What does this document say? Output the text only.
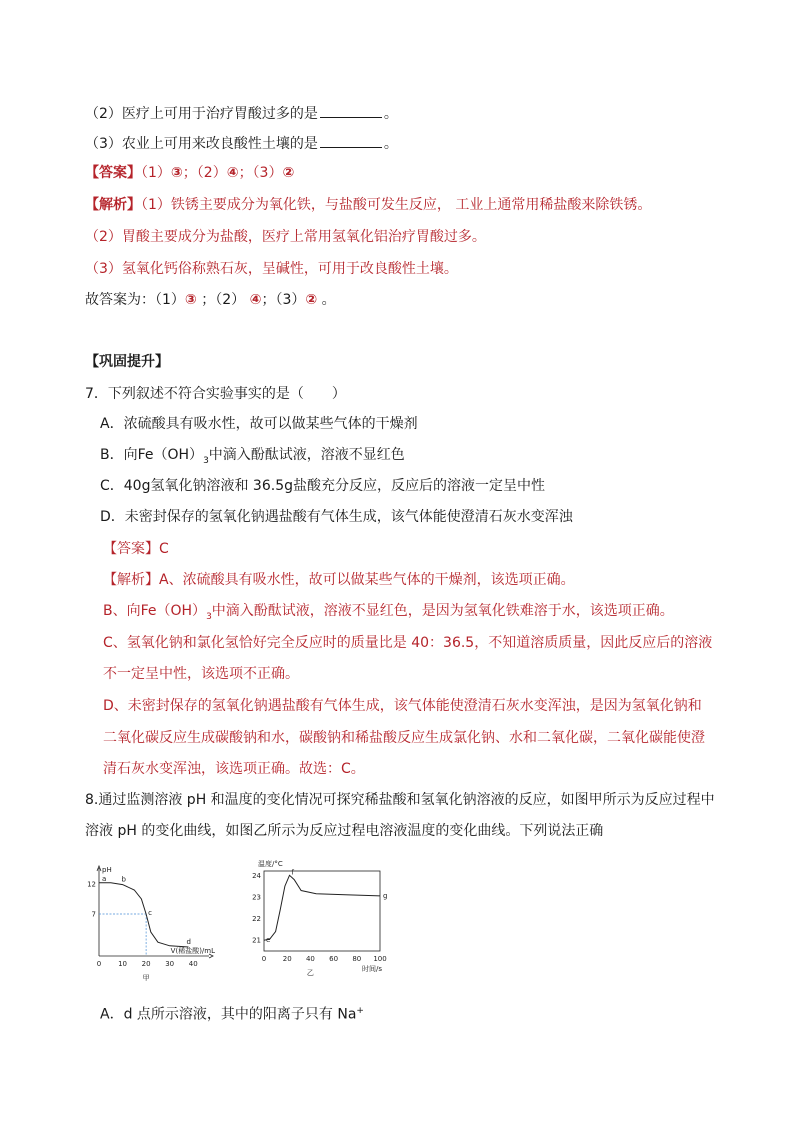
（2）医疗上可用于治疗胃酸过多的是	。
（3）农业上可用来改良酸性土壤的是	。
【答案】（1）③；（2）④；（3）②
【解析】（1）铁锈主要成分为氧化铁，与盐酸可发生反应， 工业上通常用稀盐酸来除铁锈。
（2）胃酸主要成分为盐酸，医疗上常用氢氧化铝治疗胃酸过多。
（3）氢氧化钙俗称熟石灰，呈碱性，可用于改良酸性土壤。
故答案为：（1）③ ；（2） ④；（3）② 。
【巩固提升】
7．下列叙述不符合实验事实的是（　　）
A．浓硫酸具有吸水性，故可以做某些气体的干燥剂
B．向$Fe(OH)_3$中滴入酚酞试液，溶液不显红色
C．40g氢氧化钠溶液和 36.5g盐酸充分反应，反应后的溶液一定呈中性
D．未密封保存的氢氧化钠遇盐酸有气体生成，该气体能使澄清石灰水变浑浊
【答案】C
【解析】A、浓硫酸具有吸水性，故可以做某些气体的干燥剂，该选项正确。
B、向$Fe(OH)_3$中滴入酚酞试液，溶液不显红色，是因为氢氧化铁难溶于水，该选项正确。
C、氢氧化钠和氯化氢恰好完全反应时的质量比是 40：36.5，不知道溶质质量，因此反应后的溶液
不一定呈中性，该选项不正确。
D、未密封保存的氢氧化钠遇盐酸有气体生成，该气体能使澄清石灰水变浑浊，是因为氢氧化钠和
二氧化碳反应生成碳酸钠和水，碳酸钠和稀盐酸反应生成氯化钠、水和二氧化碳，二氧化碳能使澄
清石灰水变浑浊，该选项正确。故选：C。
8.通过监测溶液 pH 和温度的变化情况可探究稀盐酸和氢氧化钠溶液的反应，如图甲所示为反应过程中
溶液 pH 的变化曲线，如图乙所示为反应过程电溶液温度的变化曲线。下列说法正确
pH
0 10 20 30 40
V(稀盐酸)/mL
12
7
a b
c
d
甲
温度/°C
24
23
22
21
0 20 40 60 80 100
时间/s
e
f
g
乙
A．d 点所示溶液，其中的阳离子只有 Na+
